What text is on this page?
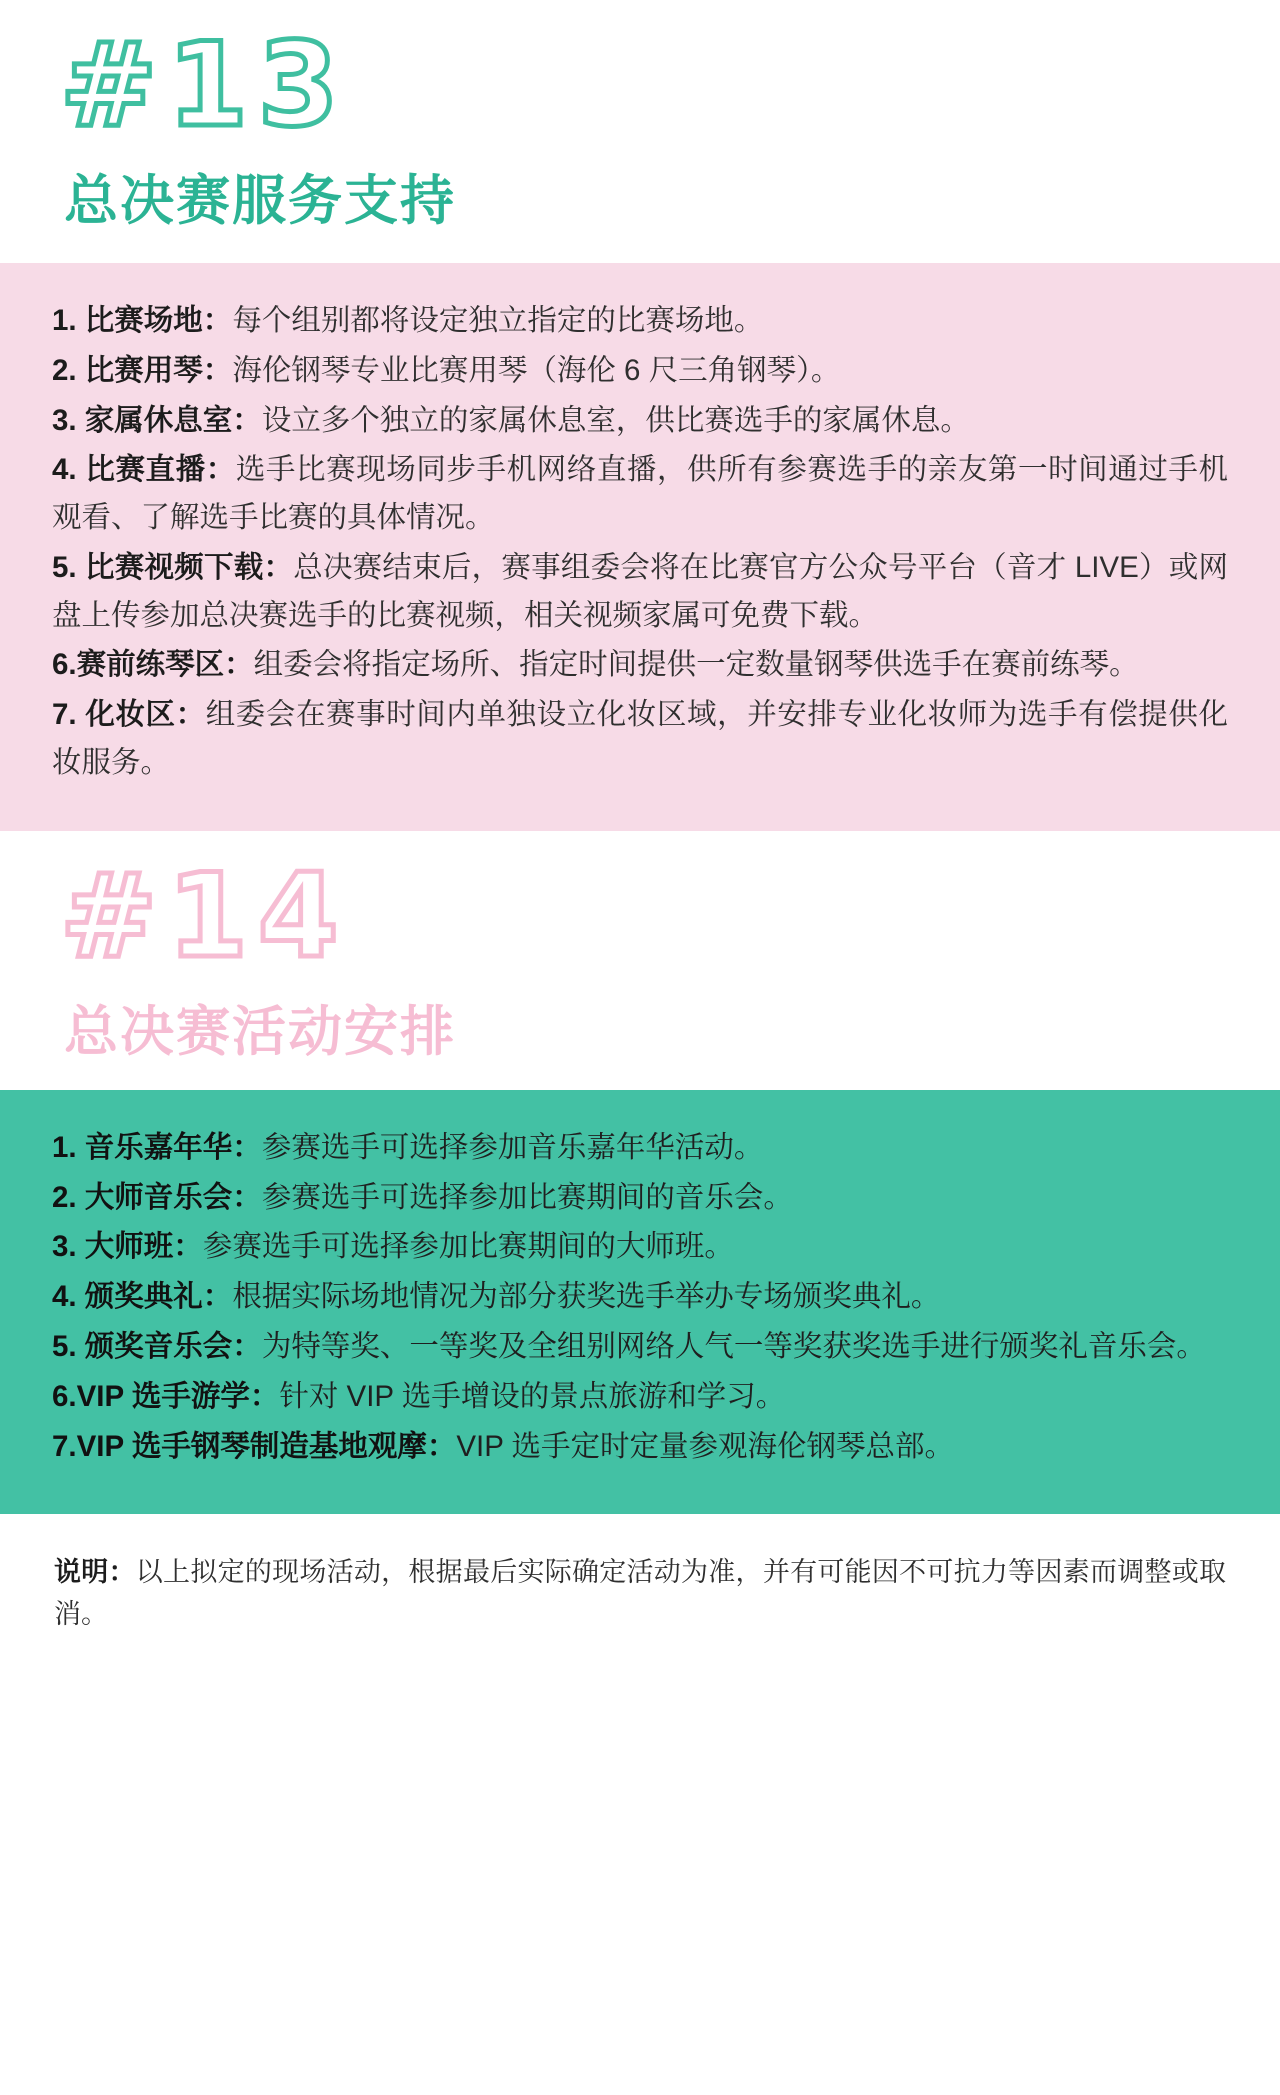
#13
总决赛服务支持

1. 比赛场地：每个组别都将设定独立指定的比赛场地。

2. 比赛用琴：海伦钢琴专业比赛用琴（海伦 6 尺三角钢琴）。

3. 家属休息室：设立多个独立的家属休息室，供比赛选手的家属休息。

4. 比赛直播：选手比赛现场同步手机网络直播，供所有参赛选手的亲友第一时间通过手机观看、了解选手比赛的具体情况。

5. 比赛视频下载：总决赛结束后，赛事组委会将在比赛官方公众号平台（音才 LIVE）或网盘上传参加总决赛选手的比赛视频，相关视频家属可免费下载。

6.赛前练琴区：组委会将指定场所、指定时间提供一定数量钢琴供选手在赛前练琴。

7. 化妆区：组委会在赛事时间内单独设立化妆区域，并安排专业化妆师为选手有偿提供化妆服务。

#14
总决赛活动安排

1. 音乐嘉年华：参赛选手可选择参加音乐嘉年华活动。

2. 大师音乐会：参赛选手可选择参加比赛期间的音乐会。

3. 大师班：参赛选手可选择参加比赛期间的大师班。

4. 颁奖典礼：根据实际场地情况为部分获奖选手举办专场颁奖典礼。

5. 颁奖音乐会：为特等奖、一等奖及全组别网络人气一等奖获奖选手进行颁奖礼音乐会。

6.VIP 选手游学：针对 VIP 选手增设的景点旅游和学习。

7.VIP 选手钢琴制造基地观摩：VIP 选手定时定量参观海伦钢琴总部。

说明：以上拟定的现场活动，根据最后实际确定活动为准，并有可能因不可抗力等因素而调整或取消。
